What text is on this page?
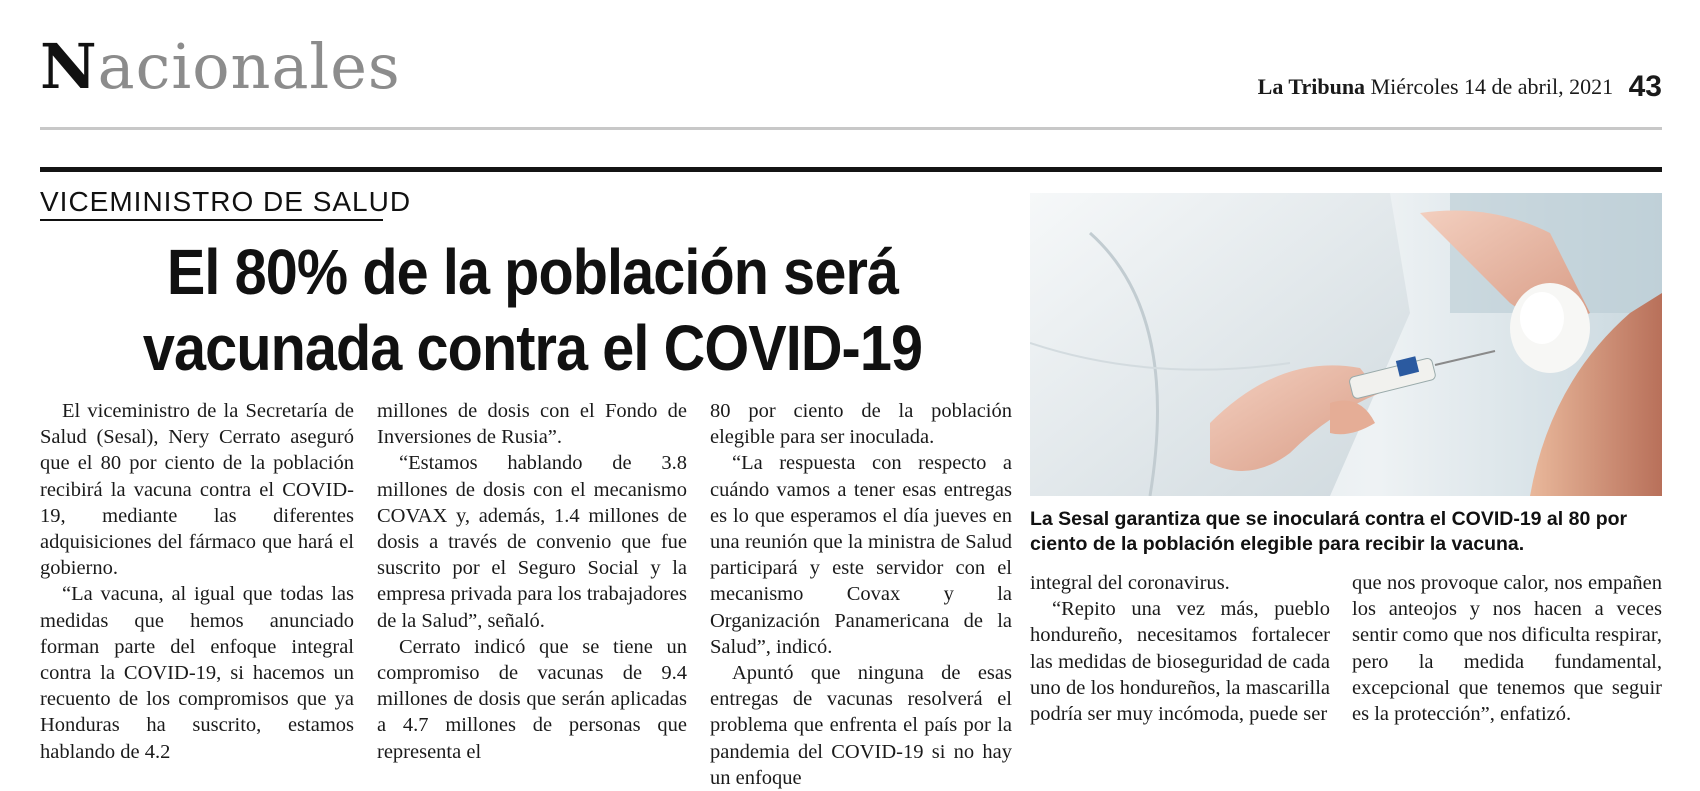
Nacionales	La Tribuna Miércoles 14 de abril, 2021 43
VICEMINISTRO DE SALUD
El 80% de la población será vacunada contra el COVID-19

El viceministro de la Secretaría de Salud (Sesal), Nery Cerrato aseguró que el 80 por ciento de la población recibirá la vacuna contra el COVID-19, mediante las diferentes adquisiciones del fármaco que hará el gobierno.

“La vacuna, al igual que todas las medidas que hemos anunciado forman parte del enfoque integral contra la COVID-19, si hacemos un recuento de los compromisos que ya Honduras ha suscrito, estamos hablando de 4.2

millones de dosis con el Fondo de Inversiones de Rusia”.

“Estamos hablando de 3.8 millones de dosis con el mecanismo COVAX y, además, 1.4 millones de dosis a través de convenio que fue suscrito por el Seguro Social y la empresa privada para los trabajadores de la Salud”, señaló.

Cerrato indicó que se tiene un compromiso de vacunas de 9.4 millones de dosis que serán aplicadas a 4.7 millones de personas que representa el

80 por ciento de la población elegible para ser inoculada.

“La respuesta con respecto a cuándo vamos a tener esas entregas es lo que esperamos el día jueves en una reunión que la ministra de Salud participará y este servidor con el mecanismo Covax y la Organización Panamericana de la Salud”, indicó.

Apuntó que ninguna de esas entregas de vacunas resolverá el problema que enfrenta el país por la pandemia del COVID-19 si no hay un enfoque

integral del coronavirus.

“Repito una vez más, pueblo hondureño, necesitamos fortalecer las medidas de bioseguridad de cada uno de los hondureños, la mascarilla podría ser muy incómoda, puede ser

que nos provoque calor, nos empañen los anteojos y nos hacen a veces sentir como que nos dificulta respirar, pero la medida fundamental, excepcional que tenemos que seguir es la protección”, enfatizó.

La Sesal garantiza que se inoculará contra el COVID-19 al 80 por ciento de la población elegible para recibir la vacuna.
